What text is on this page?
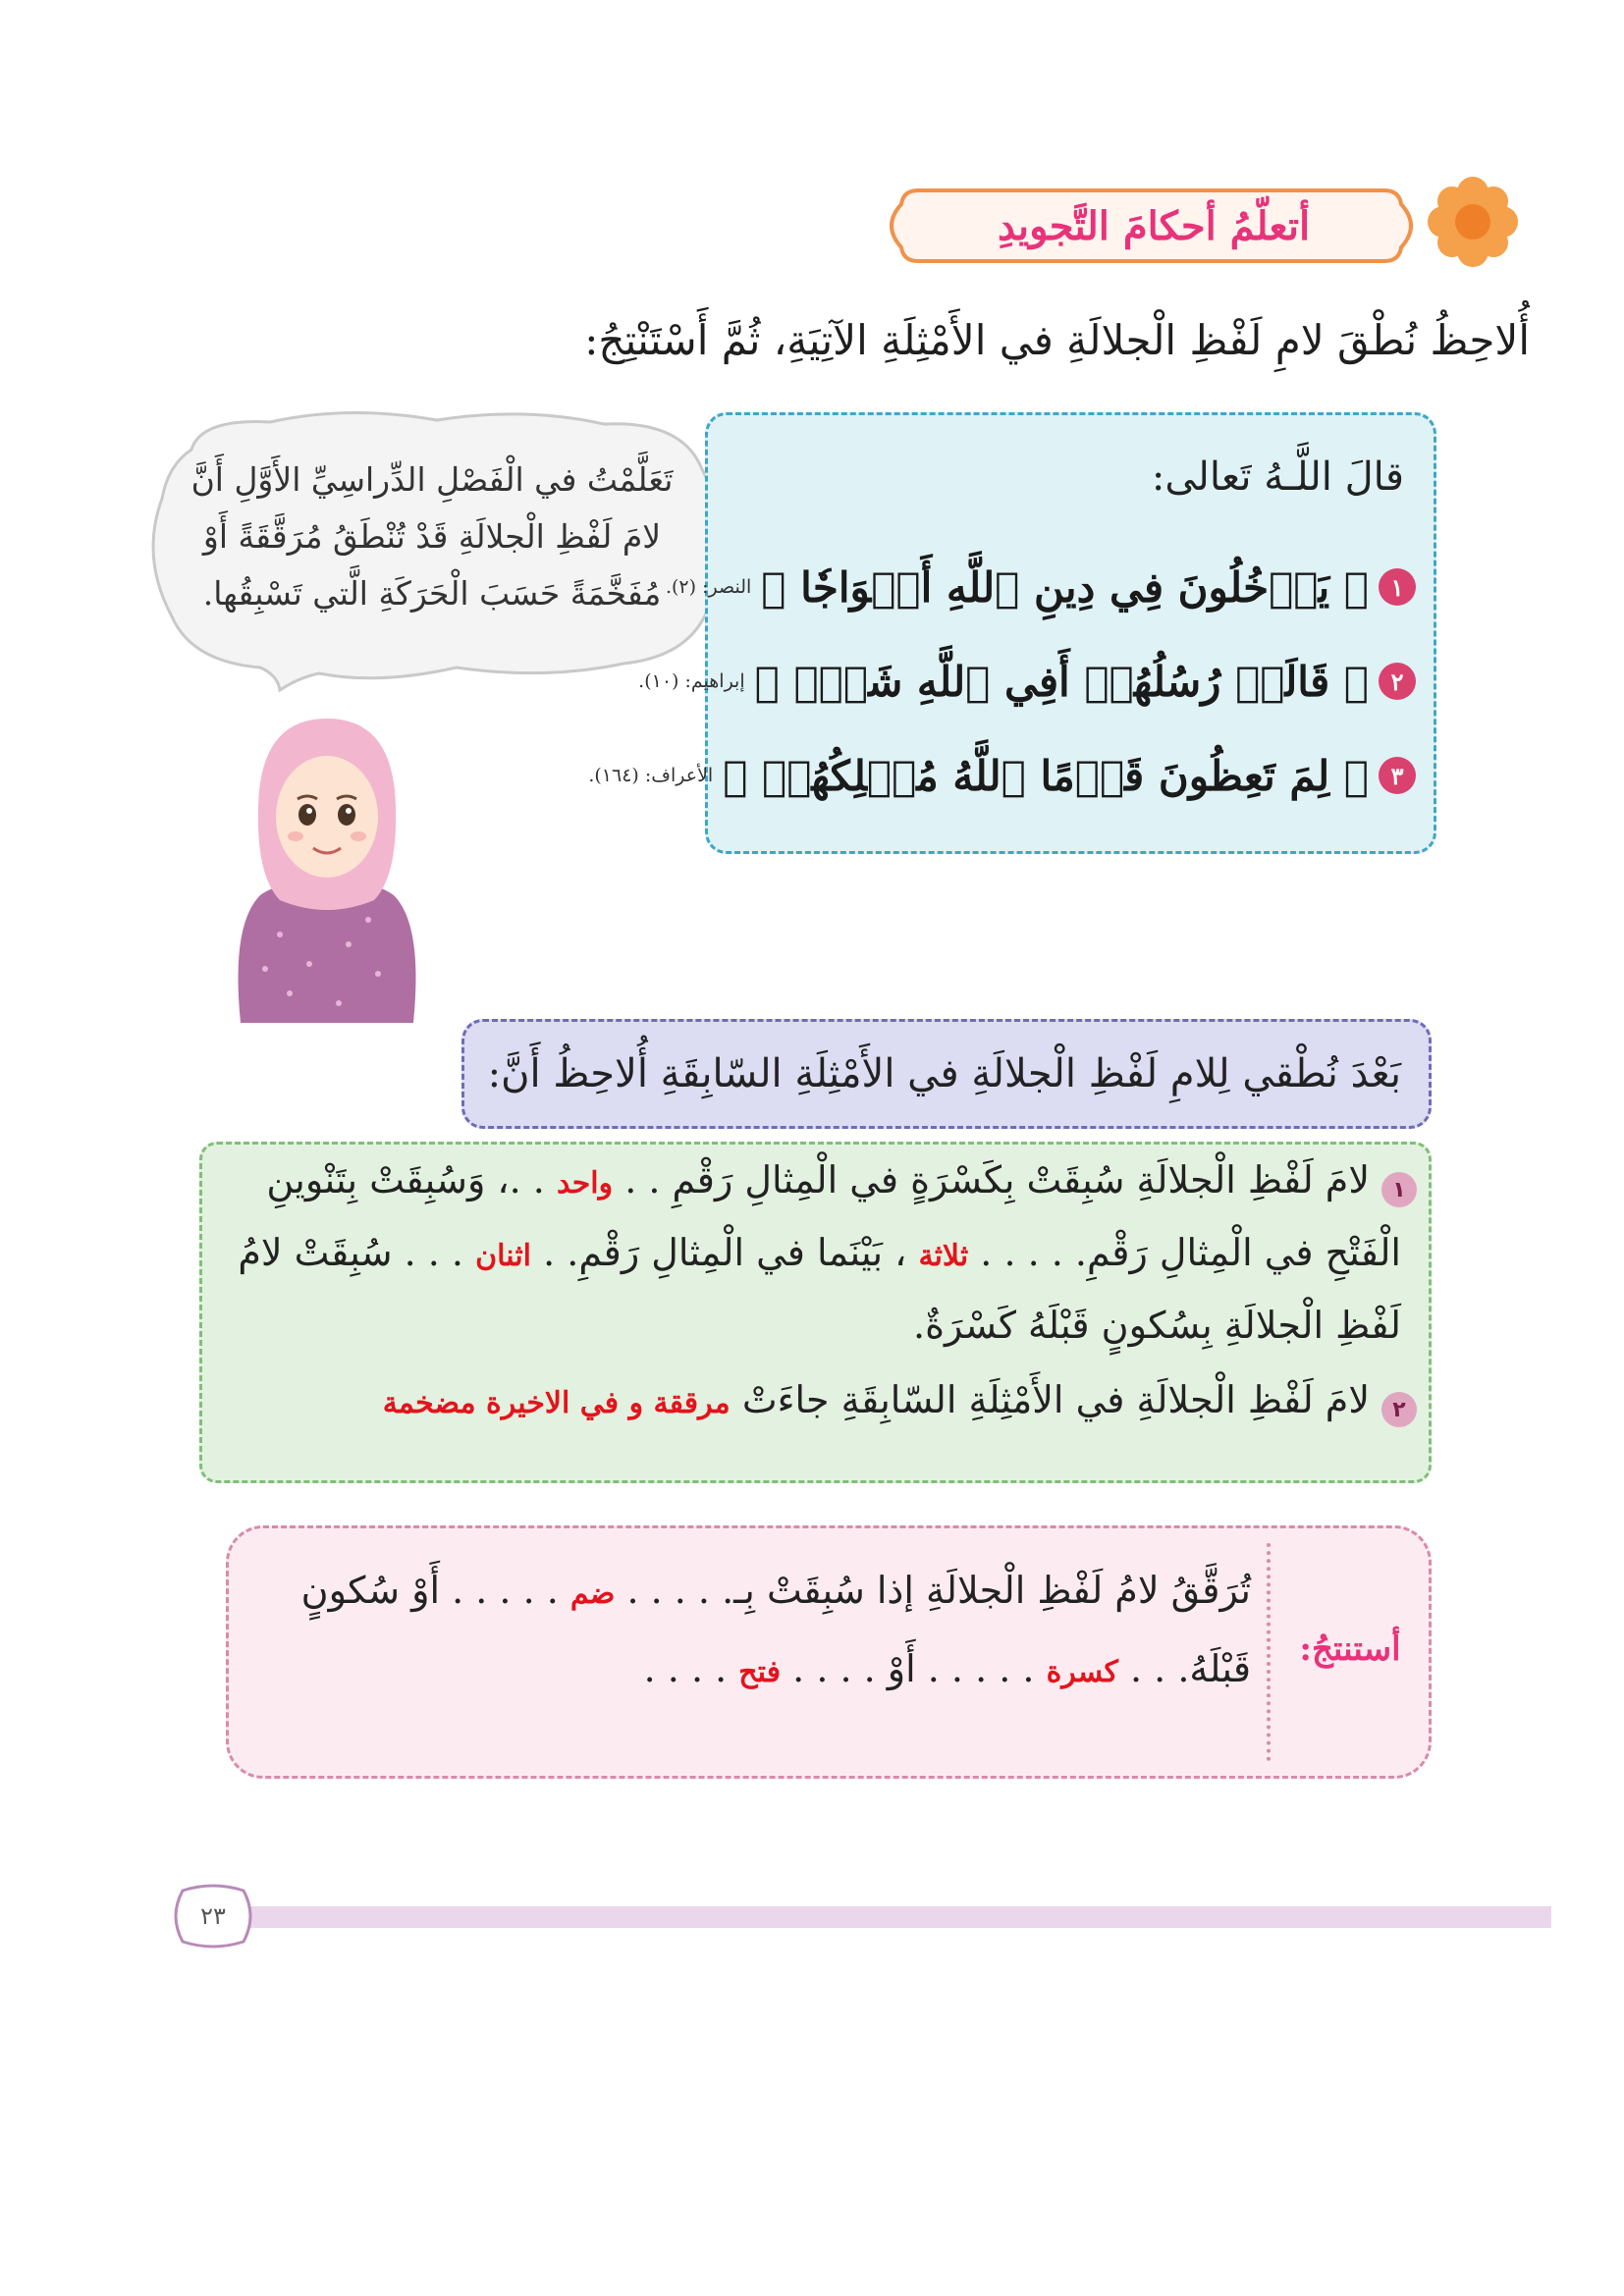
أتعلّمُ أحكامَ التَّجويدِ
أُلاحِظُ نُطْقَ لامِ لَفْظِ الْجلالَةِ في الأَمْثِلَةِ الآتِيَةِ، ثُمَّ أَسْتَنْتِجُ:
تَعَلَّمْتُ في الْفَصْلِ الدِّراسِيِّ الأَوَّلِ أَنَّ
لامَ لَفْظِ الْجلالَةِ قَدْ تُنْطَقُ مُرَقَّقَةً أَوْ
مُفَخَّمَةً حَسَبَ الْحَرَكَةِ الَّتي تَسْبِقُها.
قالَ اللَّـهُ تَعالى:
١
﴿ يَدۡخُلُونَ فِي دِينِ ٱللَّهِ أَفۡوَاجٗا ﴾
النصر: (٢).
٢
﴿ قَالَتۡ رُسُلُهُمۡ أَفِي ٱللَّهِ شَكّٞ ﴾
إبراهيم: (١٠).
٣
﴿ لِمَ تَعِظُونَ قَوۡمًا ٱللَّهُ مُهۡلِكُهُمۡ ﴾
الأعراف: (١٦٤).
بَعْدَ نُطْقي لِلامِ لَفْظِ الْجلالَةِ في الأَمْثِلَةِ السّابِقَةِ أُلاحِظُ أَنَّ:
١
لامَ لَفْظِ الْجلالَةِ سُبِقَتْ بِكَسْرَةٍ في الْمِثالِ رَقْمِ . . واحد . .، وَسُبِقَتْ بِتَنْوينِ
الْفَتْحِ في الْمِثالِ رَقْمِ. . . . . ثلاثة ، بَيْنَما في الْمِثالِ رَقْمِ. . اثنان . . . سُبِقَتْ لامُ
لَفْظِ الْجلالَةِ بِسُكونٍ قَبْلَهُ كَسْرَةٌ.
٢
لامَ لَفْظِ الْجلالَةِ في الأَمْثِلَةِ السّابِقَةِ جاءَتْ مرققة و في الاخيرة مضخمة
أستنتجُ:
تُرَقَّقُ لامُ لَفْظِ الْجلالَةِ إذا سُبِقَتْ بِـ. . . . . ضم . . . . . أَوْ سُكونٍ
قَبْلَهُ. . . كسرة . . . . . أَوْ . . . . فتح . . . .
٢٣
